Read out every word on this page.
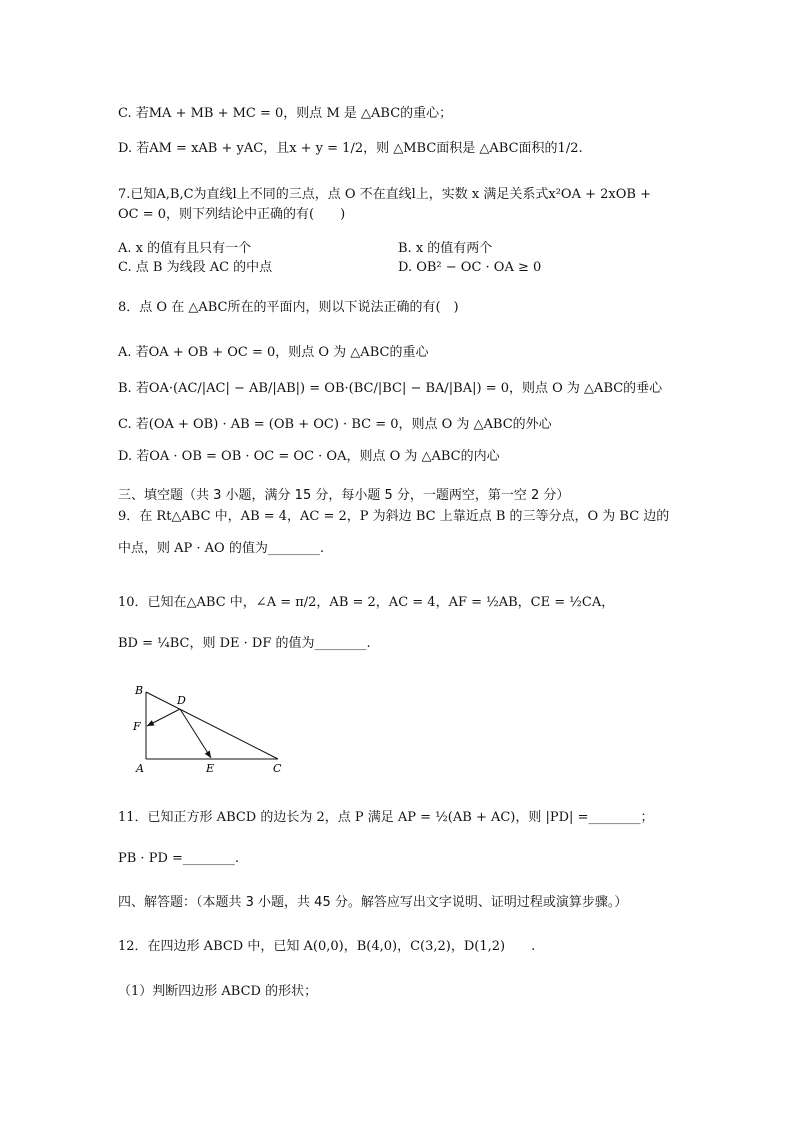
C. 若MA + MB + MC = 0，则点 M 是 △ABC的重心；
D. 若AM = xAB + yAC，且x + y = 1/2，则 △MBC面积是 △ABC面积的1/2.
7.已知A,B,C为直线l上不同的三点，点 O 不在直线l上，实数 x 满足关系式x²OA + 2xOB +
OC = 0，则下列结论中正确的有(　　)
A. x 的值有且只有一个	B. x 的值有两个
C. 点 B 为线段 AC 的中点	D. OB² − OC · OA ≥ 0
8．点 O 在 △ABC所在的平面内，则以下说法正确的有(　)
A. 若OA + OB + OC = 0，则点 O 为 △ABC的重心
B. 若OA·(AC/|AC| − AB/|AB|) = OB·(BC/|BC| − BA/|BA|) = 0，则点 O 为 △ABC的垂心
C. 若(OA + OB) · AB = (OB + OC) · BC = 0，则点 O 为 △ABC的外心
D. 若OA · OB = OB · OC = OC · OA，则点 O 为 △ABC的内心
三、填空题（共 3 小题，满分 15 分，每小题 5 分，一题两空，第一空 2 分）
9．在 Rt△ABC 中，AB = 4，AC = 2，P 为斜边 BC 上靠近点 B 的三等分点，O 为 BC 边的
中点，则 AP · AO 的值为________.
10．已知在△ABC 中，∠A = π/2，AB = 2，AC = 4，AF = ½AB，CE = ½CA，
BD = ¼BC，则 DE · DF 的值为________.
B
D
F
A	E	C
11．已知正方形 ABCD 的边长为 2，点 P 满足 AP = ½(AB + AC)，则 |PD| =________；
PB · PD =________.
四、解答题：（本题共 3 小题，共 45 分。解答应写出文字说明、证明过程或演算步骤。）
12．在四边形 ABCD 中，已知 A(0,0)，B(4,0)，C(3,2)，D(1,2)　　.
（1）判断四边形 ABCD 的形状；
